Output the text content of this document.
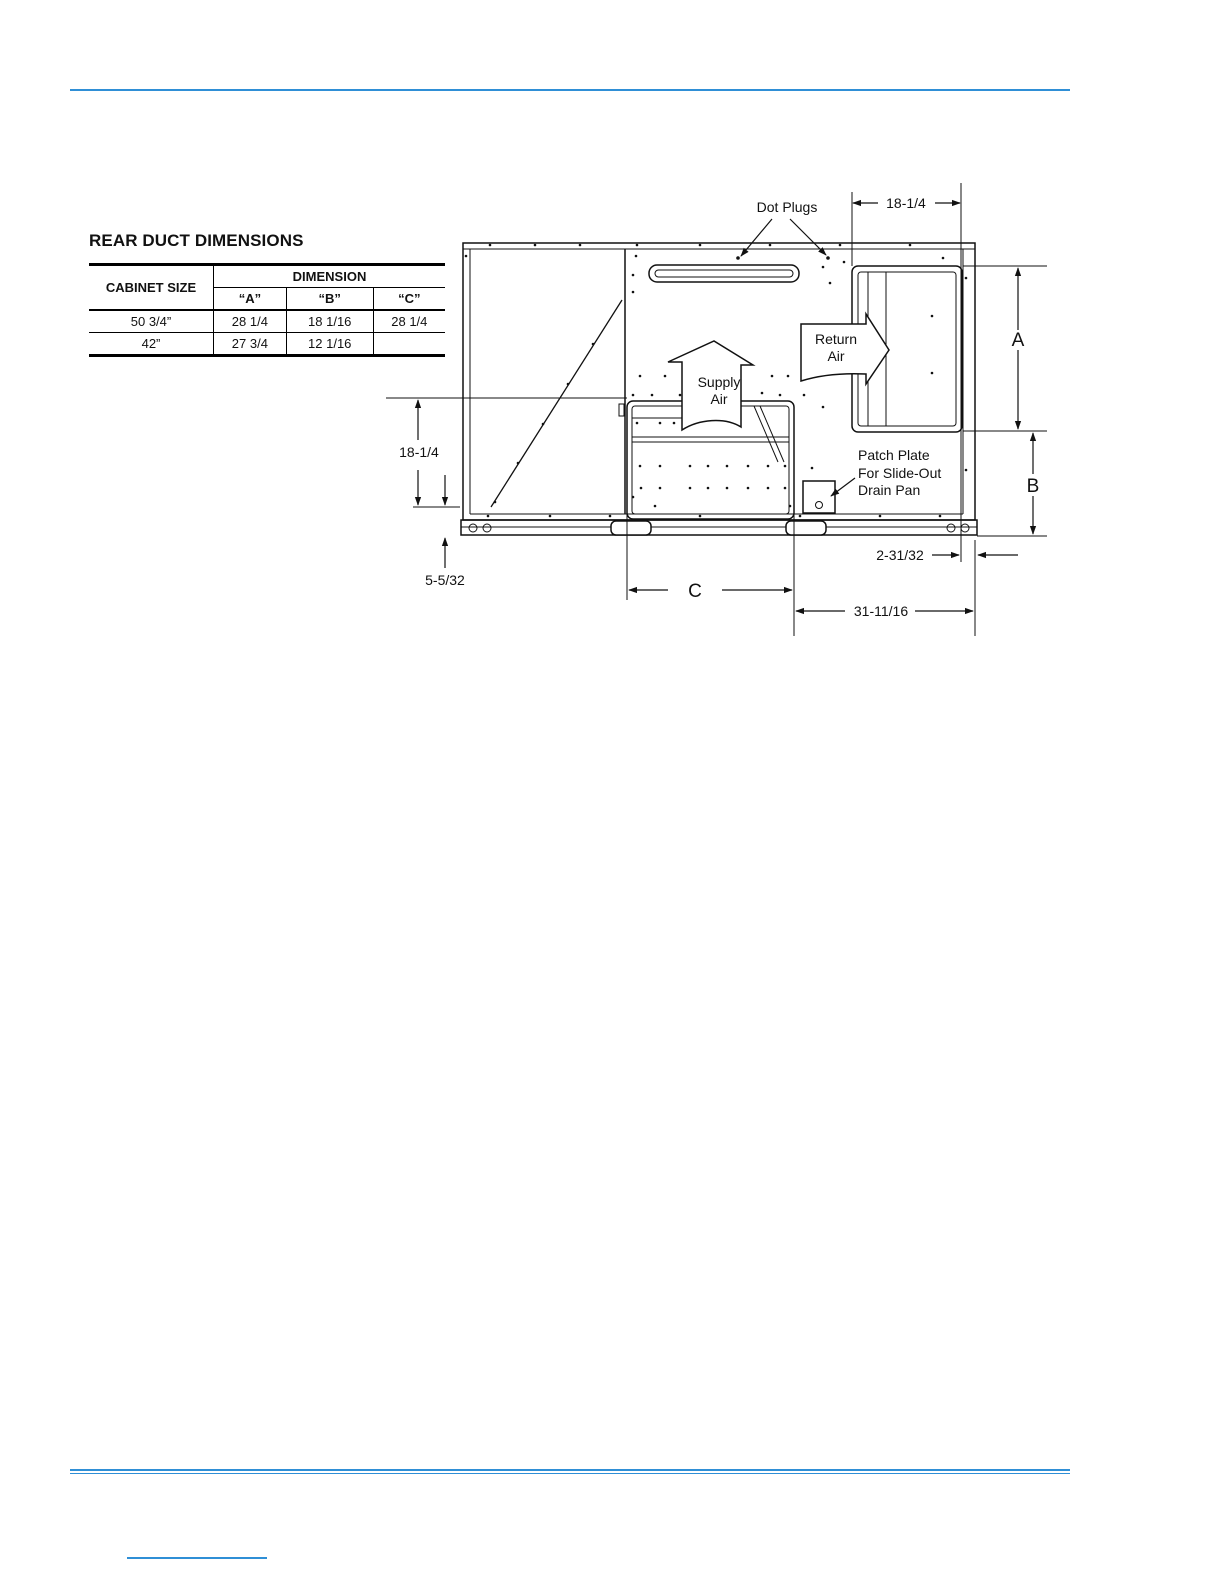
REAR DUCT DIMENSIONS
CABINET SIZE	DIMENSION		
	“A”	“B”	“C”
50 3/4”	28 1/4	18 1/16	28 1/4
42”	27 3/4	12 1/16	
Dot Plugs
Supply
Air
Return
Air
Patch Plate
For Slide-Out
Drain Pan
18-1/4
18-1/4
5-5/32
2-31/32
31-11/16
A
B
C
